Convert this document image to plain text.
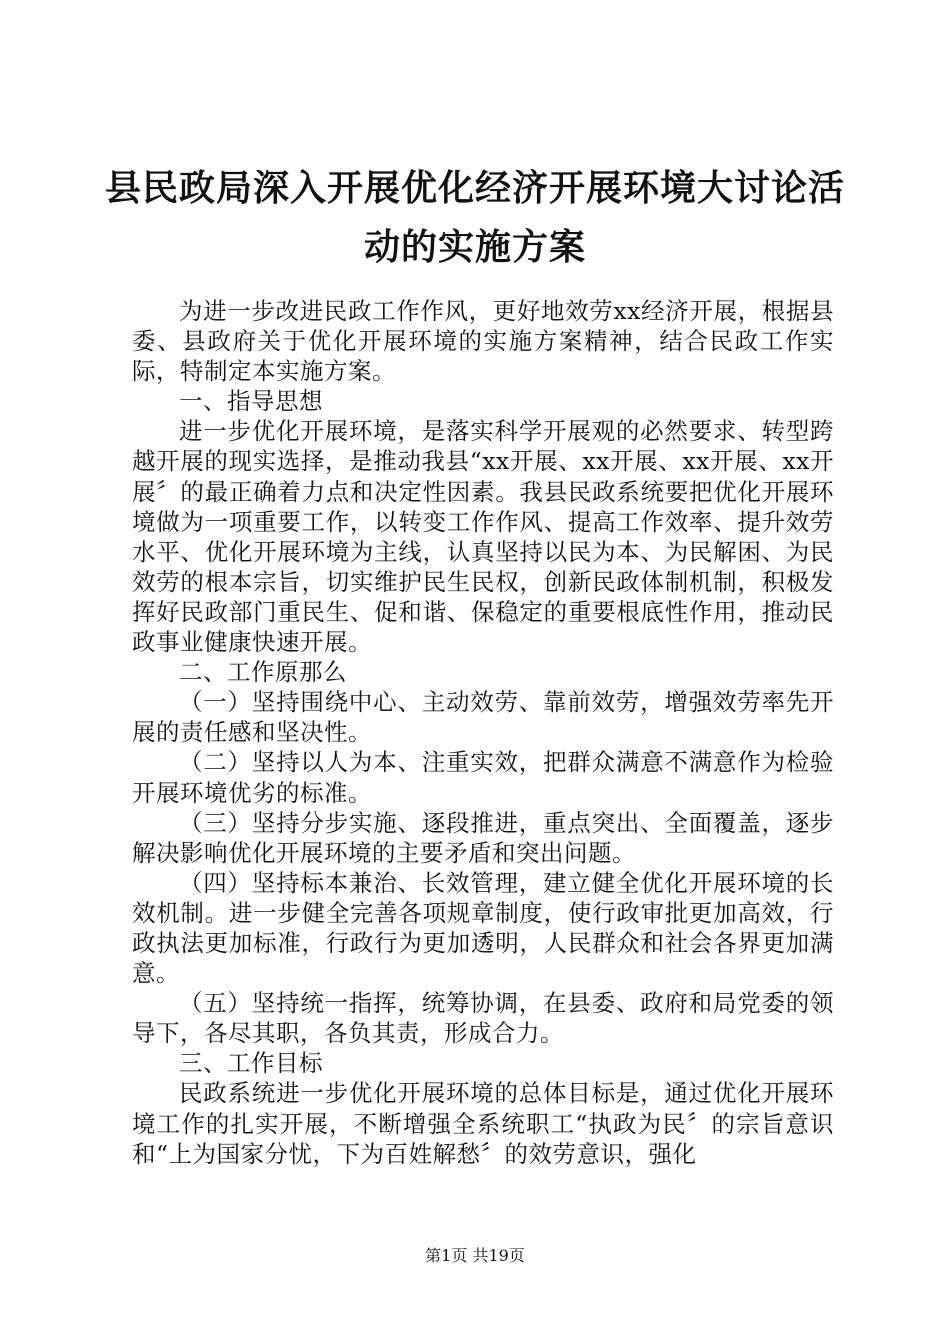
县民政局深入开展优化经济开展环境大讨论活
动的实施方案

为进一步改进民政工作作风，更好地效劳xx经济开展，根据县委、县政府关于优化开展环境的实施方案精神，结合民政工作实际，特制定本实施方案。

一、指导思想

进一步优化开展环境，是落实科学开展观的必然要求、转型跨越开展的现实选择，是推动我县“xx开展、xx开展、xx开展、xx开展〞的最正确着力点和决定性因素。我县民政系统要把优化开展环境做为一项重要工作，以转变工作作风、提高工作效率、提升效劳水平、优化开展环境为主线，认真坚持以民为本、为民解困、为民效劳的根本宗旨，切实维护民生民权，创新民政体制机制，积极发挥好民政部门重民生、促和谐、保稳定的重要根底性作用，推动民政事业健康快速开展。

二、工作原那么

（一）坚持围绕中心、主动效劳、靠前效劳，增强效劳率先开展的责任感和坚决性。

（二）坚持以人为本、注重实效，把群众满意不满意作为检验开展环境优劣的标准。

（三）坚持分步实施、逐段推进，重点突出、全面覆盖，逐步解决影响优化开展环境的主要矛盾和突出问题。

（四）坚持标本兼治、长效管理，建立健全优化开展环境的长效机制。进一步健全完善各项规章制度，使行政审批更加高效，行政执法更加标准，行政行为更加透明，人民群众和社会各界更加满意。

（五）坚持统一指挥，统筹协调，在县委、政府和局党委的领导下，各尽其职，各负其责，形成合力。

三、工作目标

民政系统进一步优化开展环境的总体目标是，通过优化开展环境工作的扎实开展，不断增强全系统职工“执政为民〞的宗旨意识和“上为国家分忧，下为百姓解愁〞的效劳意识，强化

第1页 共19页
